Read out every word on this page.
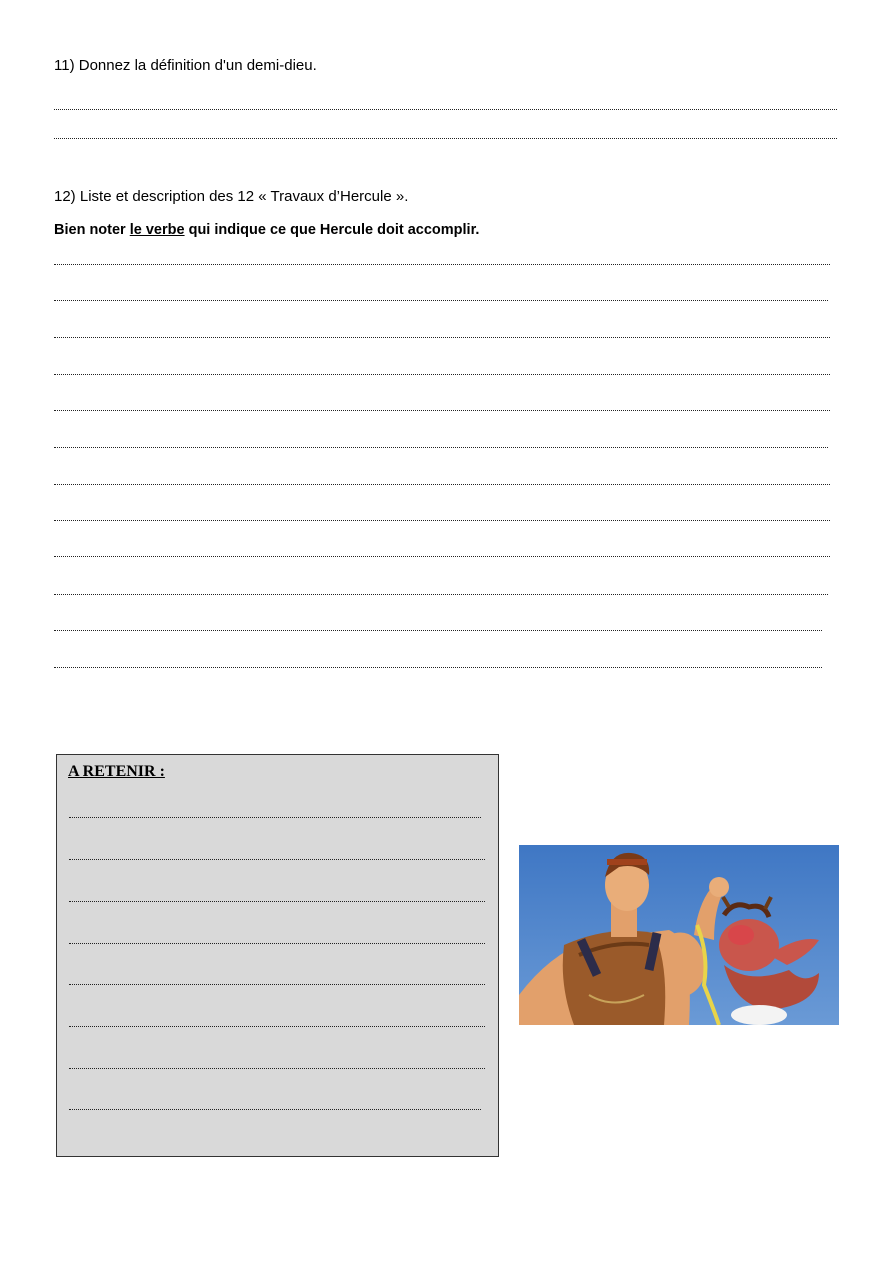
11) Donnez la définition d'un demi-dieu.
12) Liste et description des 12 « Travaux d’Hercule ».
Bien noter le verbe qui indique ce que Hercule doit accomplir.
A RETENIR :
